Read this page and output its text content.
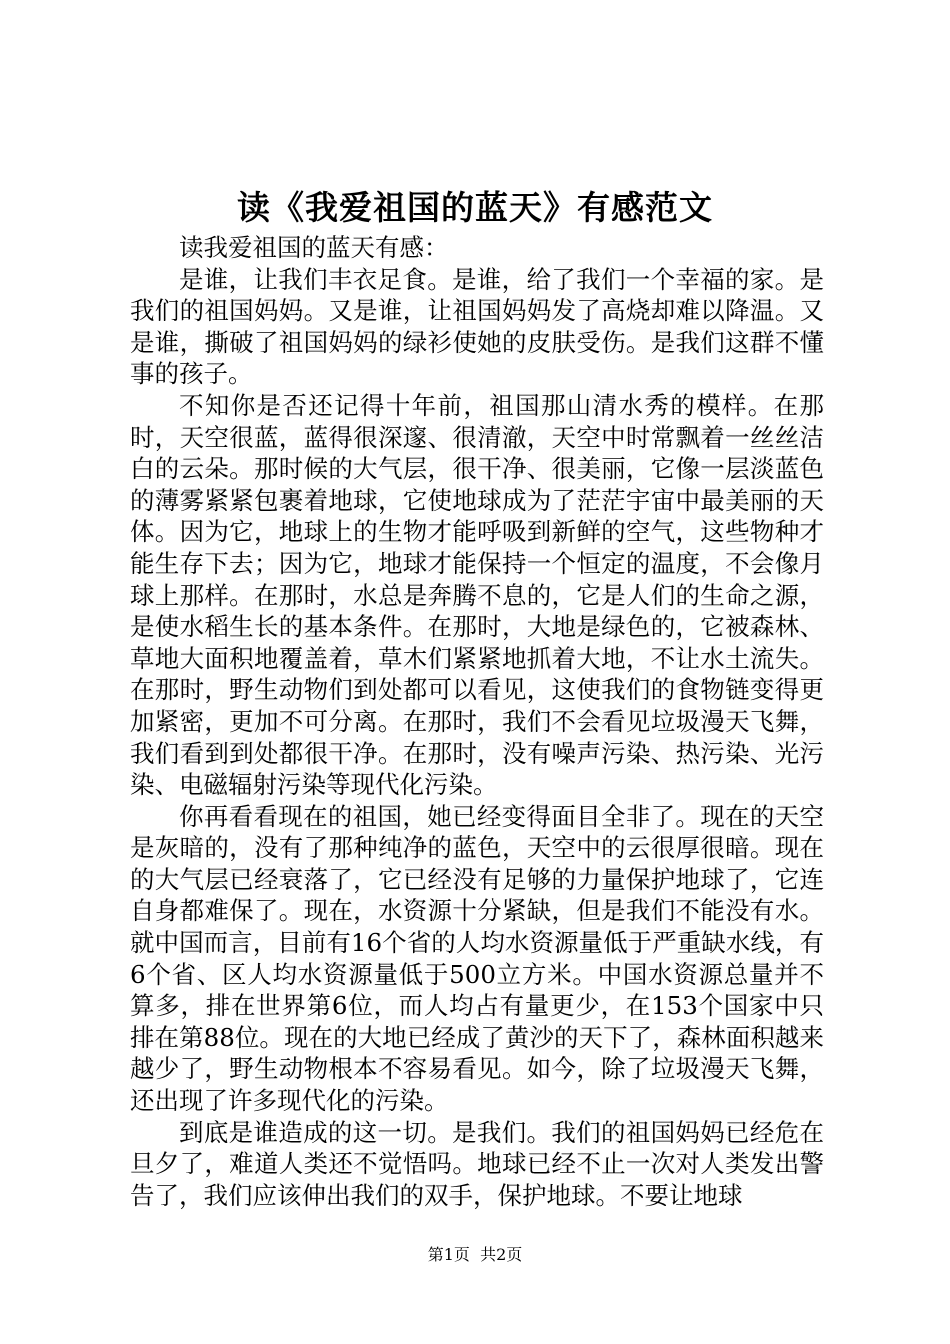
读《我爱祖国的蓝天》有感范文

读我爱祖国的蓝天有感：

是谁，让我们丰衣足食。是谁，给了我们一个幸福的家。是我们的祖国妈妈。又是谁，让祖国妈妈发了高烧却难以降温。又是谁，撕破了祖国妈妈的绿衫使她的皮肤受伤。是我们这群不懂事的孩子。

不知你是否还记得十年前，祖国那山清水秀的模样。在那时，天空很蓝，蓝得很深邃、很清澈，天空中时常飘着一丝丝洁白的云朵。那时候的大气层，很干净、很美丽，它像一层淡蓝色的薄雾紧紧包裹着地球，它使地球成为了茫茫宇宙中最美丽的天体。因为它，地球上的生物才能呼吸到新鲜的空气，这些物种才能生存下去；因为它，地球才能保持一个恒定的温度，不会像月球上那样。在那时，水总是奔腾不息的，它是人们的生命之源，是使水稻生长的基本条件。在那时，大地是绿色的，它被森林、草地大面积地覆盖着，草木们紧紧地抓着大地，不让水土流失。在那时，野生动物们到处都可以看见，这使我们的食物链变得更加紧密，更加不可分离。在那时，我们不会看见垃圾漫天飞舞，我们看到到处都很干净。在那时，没有噪声污染、热污染、光污染、电磁辐射污染等现代化污染。

你再看看现在的祖国，她已经变得面目全非了。现在的天空是灰暗的，没有了那种纯净的蓝色，天空中的云很厚很暗。现在的大气层已经衰落了，它已经没有足够的力量保护地球了，它连自身都难保了。现在，水资源十分紧缺，但是我们不能没有水。就中国而言，目前有16个省的人均水资源量低于严重缺水线，有6个省、区人均水资源量低于500立方米。中国水资源总量并不算多，排在世界第6位，而人均占有量更少，在153个国家中只排在第88位。现在的大地已经成了黄沙的天下了，森林面积越来越少了，野生动物根本不容易看见。如今，除了垃圾漫天飞舞，还出现了许多现代化的污染。

到底是谁造成的这一切。是我们。我们的祖国妈妈已经危在旦夕了，难道人类还不觉悟吗。地球已经不止一次对人类发出警告了，我们应该伸出我们的双手，保护地球。不要让地球

第1页 共2页
